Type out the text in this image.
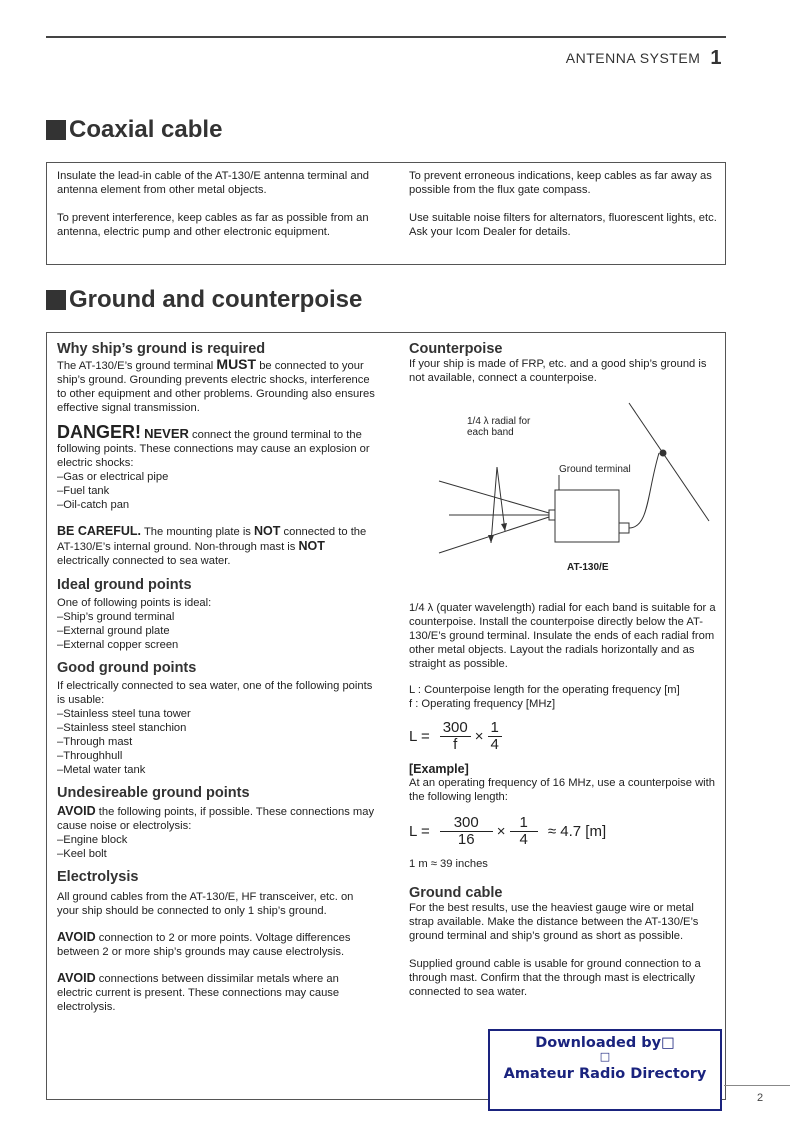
ANTENNA SYSTEM 1
Coaxial cable

Insulate the lead-in cable of the AT-130/E antenna terminal and antenna element from other metal objects.

To prevent interference, keep cables as far as possible from an antenna, electric pump and other electronic equipment.

To prevent erroneous indications, keep cables as far away as possible from the flux gate compass.

Use suitable noise filters for alternators, fluorescent lights, etc. Ask your Icom Dealer for details.

Ground and counterpoise
Why ship’s ground is required

The AT-130/E’s ground terminal MUST be connected to your ship’s ground. Grounding prevents electric shocks, interference to other equipment and other problems. Grounding also ensures effective signal transmission.

DANGER! NEVER connect the ground terminal to the following points. These connections may cause an explosion or electric shocks:

– Gas or electrical pipe
– Fuel tank
– Oil-catch pan

BE CAREFUL. The mounting plate is NOT connected to the AT-130/E’s internal ground. Non-through mast is NOT electrically connected to sea water.

Ideal ground points

One of following points is ideal:

– Ship’s ground terminal
– External ground plate
– External copper screen
Good ground points

If electrically connected to sea water, one of the following points is usable:

– Stainless steel tuna tower
– Stainless steel stanchion
– Through mast
– Throughhull
– Metal water tank
Undesireable ground points

AVOID the following points, if possible. These connections may cause noise or electrolysis:

– Engine block
– Keel bolt
Electrolysis

All ground cables from the AT-130/E, HF transceiver, etc. on your ship should be connected to only 1 ship’s ground.

AVOID connection to 2 or more points. Voltage differences between 2 or more ship’s grounds may cause electrolysis.

AVOID connections between dissimilar metals where an electric current is present. These connections may cause electrolysis.

Counterpoise

If your ship is made of FRP, etc. and a good ship’s ground is not available, connect a counterpoise.

1/4 λ radial for
each band
Ground terminal
AT-130/E

1/4 λ (quater wavelength) radial for each band is suitable for a counterpoise. Install the counterpoise directly below the AT-130/E’s ground terminal. Insulate the ends of each radial from other metal objects. Layout the radials horizontally and as straight as possible.

L : Counterpoise length for the operating frequency [m]

f : Operating frequency [MHz]

$L = \frac{300}{f} \times \frac{1}{4}$
[Example]

At an operating frequency of 16 MHz, use a counterpoise with the following length:

$L = \frac{300}{16} \times \frac{1}{4} \approx 4.7$ [m]

1 m ≈ 39 inches

Ground cable

For the best results, use the heaviest gauge wire or metal strap available. Make the distance between the AT-130/E’s ground terminal and ship’s ground as short as possible.

Supplied ground cable is usable for ground connection to a through mast. Confirm that the through mast is electrically connected to sea water.

Downloaded by□
□
Amateur Radio Directory
2
